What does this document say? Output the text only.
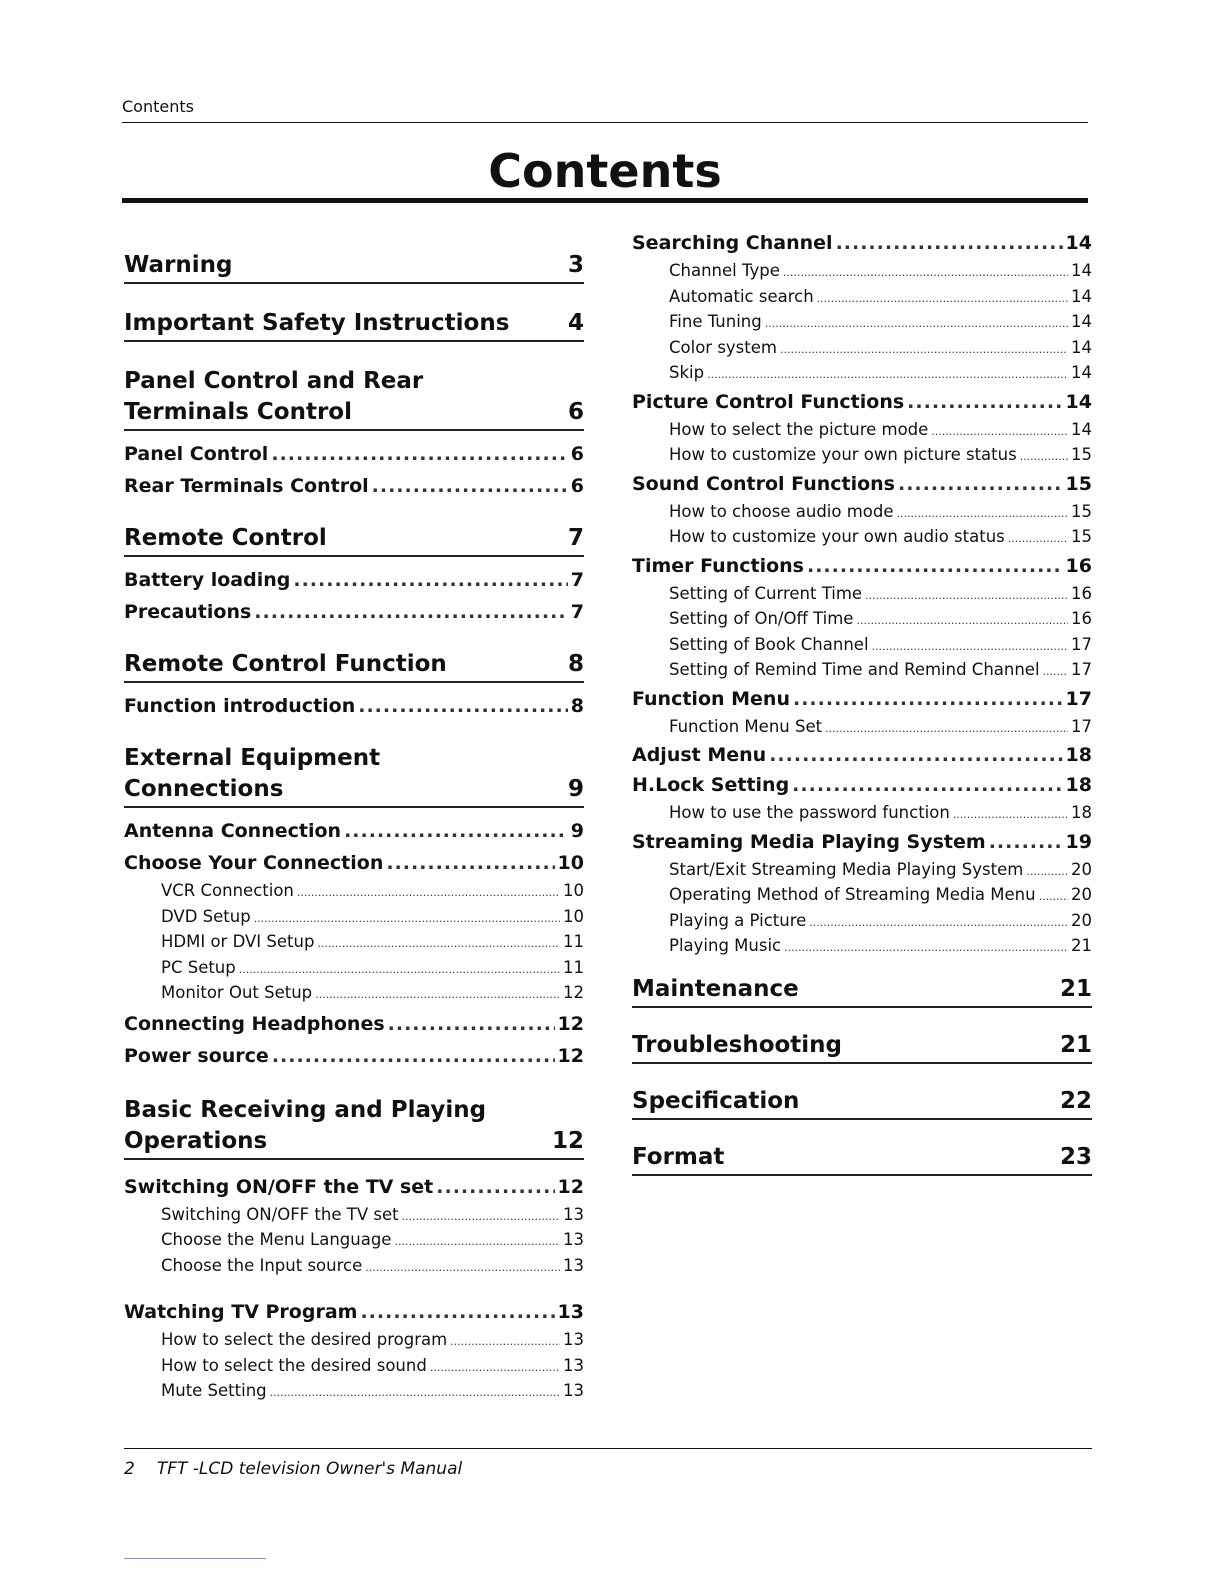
Contents
Contents
Warning	3
Important Safety Instructions	4
Panel Control and Rear Terminals Control	6
Panel Control .....	6
Rear Terminals Control .....	6
Remote Control	7
Battery loading .....	7
Precautions .....	7
Remote Control Function	8
Function introduction .....	8
External Equipment Connections	9
Antenna Connection .....	9
Choose Your Connection .....	10
VCR Connection .....	10
DVD Setup .....	10
HDMI or DVI Setup .....	11
PC Setup .....	11
Monitor Out Setup .....	12
Connecting Headphones .....	12
Power source .....	12
Basic Receiving and Playing Operations	12
Switching ON/OFF the TV set .....	12
Switching ON/OFF the TV set .....	13
Choose the Menu Language .....	13
Choose the Input source .....	13
Watching TV Program .....	13
How to select the desired program .....	13
How to select the desired sound .....	13
Mute Setting .....	13
Searching Channel .....	14
Channel Type .....	14
Automatic search .....	14
Fine Tuning .....	14
Color system .....	14
Skip .....	14
Picture Control Functions .....	14
How to select the picture mode .....	14
How to customize your own picture status .....	15
Sound Control Functions .....	15
How to choose audio mode .....	15
How to customize your own audio status .....	15
Timer Functions .....	16
Setting of Current Time .....	16
Setting of On/Off Time .....	16
Setting of Book Channel .....	17
Setting of Remind Time and Remind Channel ..... 17
Function Menu .....	17
Function Menu Set .....	17
Adjust Menu .....	18
H.Lock Setting .....	18
How to use the password function .....	18
Streaming Media Playing System .....	19
Start/Exit Streaming Media Playing System .....	20
Operating Method of Streaming Media Menu ..... 20
Playing a Picture .....	20
Playing Music .....	21
Maintenance	21
Troubleshooting	21
Specification	22
Format	23
2 TFT -LCD television Owner's Manual
